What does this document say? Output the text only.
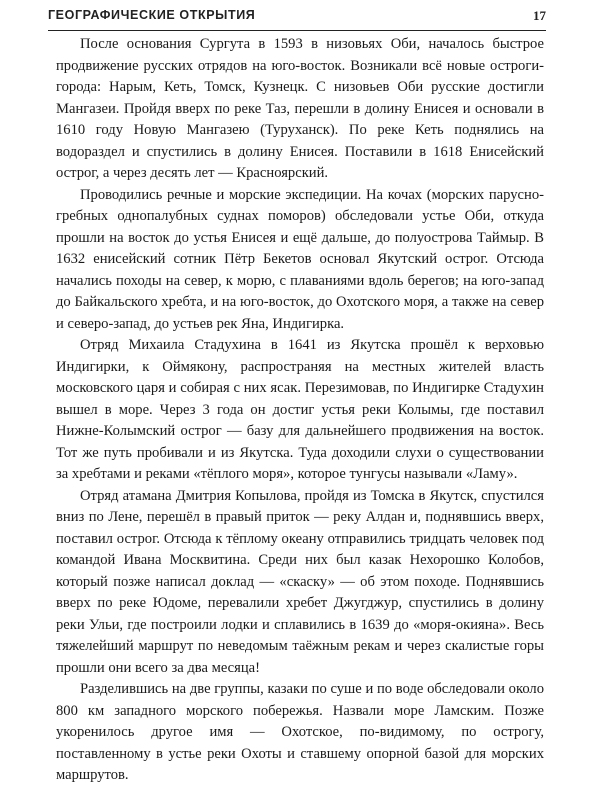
ГЕОГРАФИЧЕСКИЕ ОТКРЫТИЯ	17

После основания Сургута в 1593 в низовьях Оби, началось быстрое продвижение русских отрядов на юго-восток. Возникали всё новые остроги-города: Нарым, Кеть, Томск, Кузнецк. С низовьев Оби русские достигли Мангазеи. Пройдя вверх по реке Таз, перешли в долину Енисея и основали в 1610 году Новую Мангазею (Туруханск). По реке Кеть поднялись на водораздел и спустились в долину Енисея. Поставили в 1618 Енисейский острог, а через десять лет — Красноярский.

Проводились речные и морские экспедиции. На кочах (морских парусно-гребных однопалубных суднах поморов) обследовали устье Оби, откуда прошли на восток до устья Енисея и ещё дальше, до полуострова Таймыр. В 1632 енисейский сотник Пётр Бекетов основал Якутский острог. Отсюда начались походы на север, к морю, с плаваниями вдоль берегов; на юго-запад до Байкальского хребта, и на юго-восток, до Охотского моря, а также на север и северо-запад, до устьев рек Яна, Индигирка.

Отряд Михаила Стадухина в 1641 из Якутска прошёл к верховью Индигирки, к Оймякону, распространяя на местных жителей власть московского царя и собирая с них ясак. Перезимовав, по Индигирке Стадухин вышел в море. Через 3 года он достиг устья реки Колымы, где поставил Нижне-Колымский острог — базу для дальнейшего продвижения на восток. Тот же путь пробивали и из Якутска. Туда доходили слухи о существовании за хребтами и реками «тёплого моря», которое тунгусы называли «Ламу».

Отряд атамана Дмитрия Копылова, пройдя из Томска в Якутск, спустился вниз по Лене, перешёл в правый приток — реку Алдан и, поднявшись вверх, поставил острог. Отсюда к тёплому океану отправились тридцать человек под командой Ивана Москвитина. Среди них был казак Нехорошко Колобов, который позже написал доклад — «скаску» — об этом походе. Поднявшись вверх по реке Юдоме, перевалили хребет Джугджур, спустились в долину реки Ульи, где построили лодки и сплавились в 1639 до «моря-окияна». Весь тяжелейший маршрут по неведомым таёжным рекам и через скалистые горы прошли они всего за два месяца!

Разделившись на две группы, казаки по суше и по воде обследовали около 800 км западного морского побережья. Назвали море Ламским. Позже укоренилось другое имя — Охотское, по-видимому, по острогу, поставленному в устье реки Охоты и ставшему опорной базой для морских маршрутов.
